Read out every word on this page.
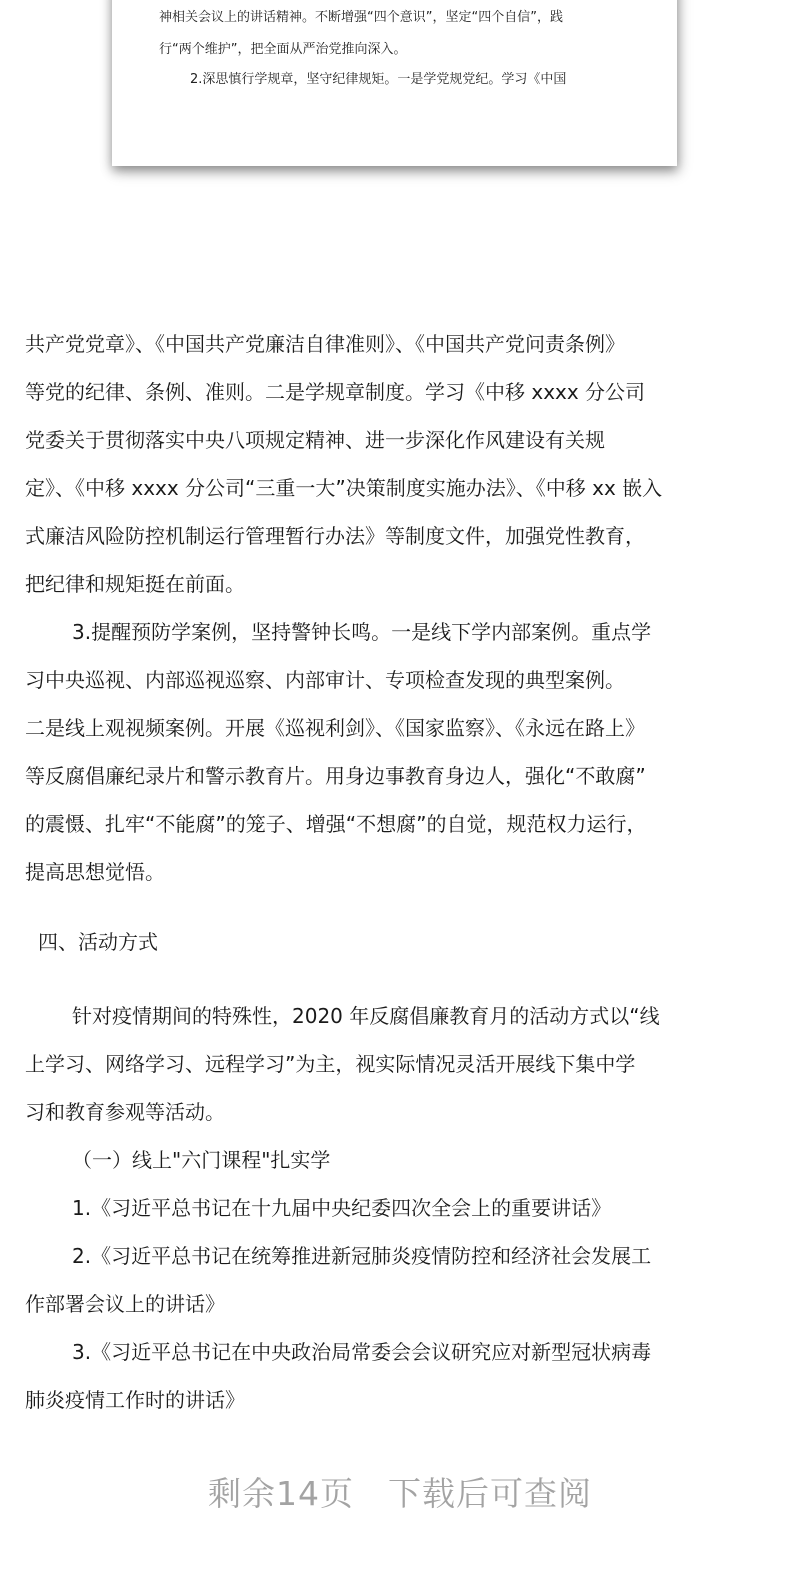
神相关会议上的讲话精神。不断增强“四个意识”，坚定“四个自信”，践
行“两个维护”，把全面从严治党推向深入。
2.深思慎行学规章，坚守纪律规矩。一是学党规党纪。学习《中国
共产党党章》、《中国共产党廉洁自律准则》、《中国共产党问责条例》
等党的纪律、条例、准则。二是学规章制度。学习《中移 xxxx 分公司
党委关于贯彻落实中央八项规定精神、进一步深化作风建设有关规
定》、《中移 xxxx 分公司“三重一大”决策制度实施办法》、《中移 xx 嵌入
式廉洁风险防控机制运行管理暂行办法》等制度文件，加强党性教育，
把纪律和规矩挺在前面。
3.提醒预防学案例，坚持警钟长鸣。一是线下学内部案例。重点学
习中央巡视、内部巡视巡察、内部审计、专项检查发现的典型案例。
二是线上观视频案例。开展《巡视利剑》、《国家监察》、《永远在路上》
等反腐倡廉纪录片和警示教育片。用身边事教育身边人，强化“不敢腐”
的震慑、扎牢“不能腐”的笼子、增强“不想腐”的自觉，规范权力运行，
提高思想觉悟。
四、活动方式
针对疫情期间的特殊性，2020 年反腐倡廉教育月的活动方式以“线
上学习、网络学习、远程学习”为主，视实际情况灵活开展线下集中学
习和教育参观等活动。
（一）线上"六门课程"扎实学
1.《习近平总书记在十九届中央纪委四次全会上的重要讲话》
2.《习近平总书记在统筹推进新冠肺炎疫情防控和经济社会发展工
作部署会议上的讲话》
3.《习近平总书记在中央政治局常委会会议研究应对新型冠状病毒
肺炎疫情工作时的讲话》
剩余14页　下载后可查阅
